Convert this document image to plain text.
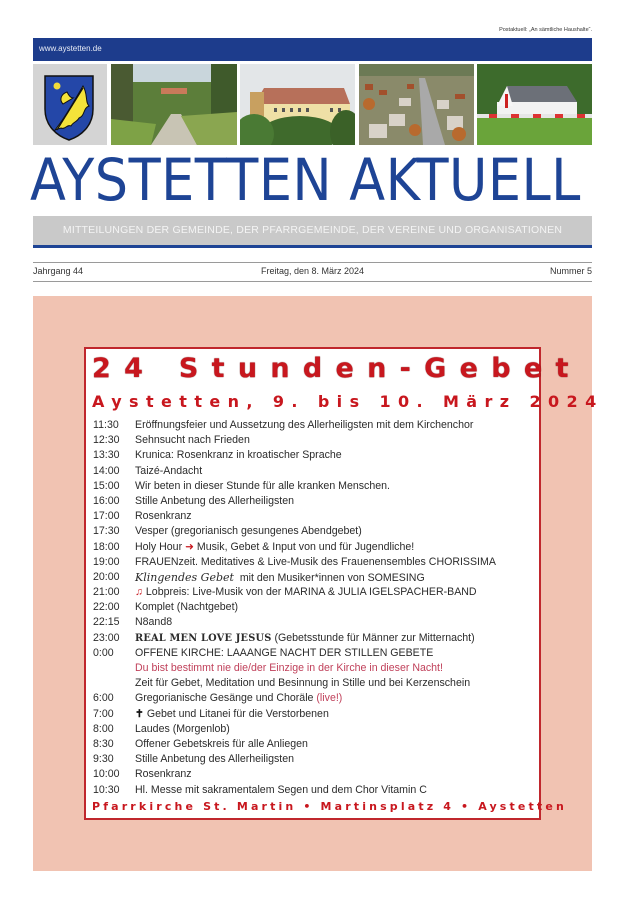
Postaktuell: „An sämtliche Haushalte“.
www.aystetten.de
AYSTETTEN AKTUELL
MITTEILUNGEN DER GEMEINDE, DER PFARRGEMEINDE, DER VEREINE UND ORGANISATIONEN
Jahrgang 44	Freitag, den 8. März 2024	Nummer 5
24 Stunden-Gebet
Aystetten, 9. bis 10. März 2024
11:30	Eröffnungsfeier und Aussetzung des Allerheiligsten mit dem Kirchenchor
12:30	Sehnsucht nach Frieden
13:30	Krunica: Rosenkranz in kroatischer Sprache
14:00	Taizé-Andacht
15:00	Wir beten in dieser Stunde für alle kranken Menschen.
16:00	Stille Anbetung des Allerheiligsten
17:00	Rosenkranz
17:30	Vesper (gregorianisch gesungenes Abendgebet)
18:00	Holy Hour ➜ Musik, Gebet & Input von und für Jugendliche!
19:00	FRAUENzeit. Meditatives & Live-Musik des Frauenensembles CHORISSIMA
20:00	Klingendes Gebet mit den Musiker*innen von SOMESING
21:00	♫ Lobpreis: Live-Musik von der MARINA & JULIA IGELSPACHER-BAND
22:00	Komplet (Nachtgebet)
22:15	N8and8
23:00	REAL MEN LOVE JESUS (Gebetsstunde für Männer zur Mitternacht)
0:00	OFFENE KIRCHE: LAAANGE NACHT DER STILLEN GEBETE
Du bist bestimmt nie die/der Einzige in der Kirche in dieser Nacht!
Zeit für Gebet, Meditation und Besinnung in Stille und bei Kerzenschein
6:00	Gregorianische Gesänge und Choräle (live!)
7:00	✝ Gebet und Litanei für die Verstorbenen
8:00	Laudes (Morgenlob)
8:30	Offener Gebetskreis für alle Anliegen
9:30	Stille Anbetung des Allerheiligsten
10:00	Rosenkranz
10:30	Hl. Messe mit sakramentalem Segen und dem Chor Vitamin C
Pfarrkirche St. Martin • Martinsplatz 4 • Aystetten
